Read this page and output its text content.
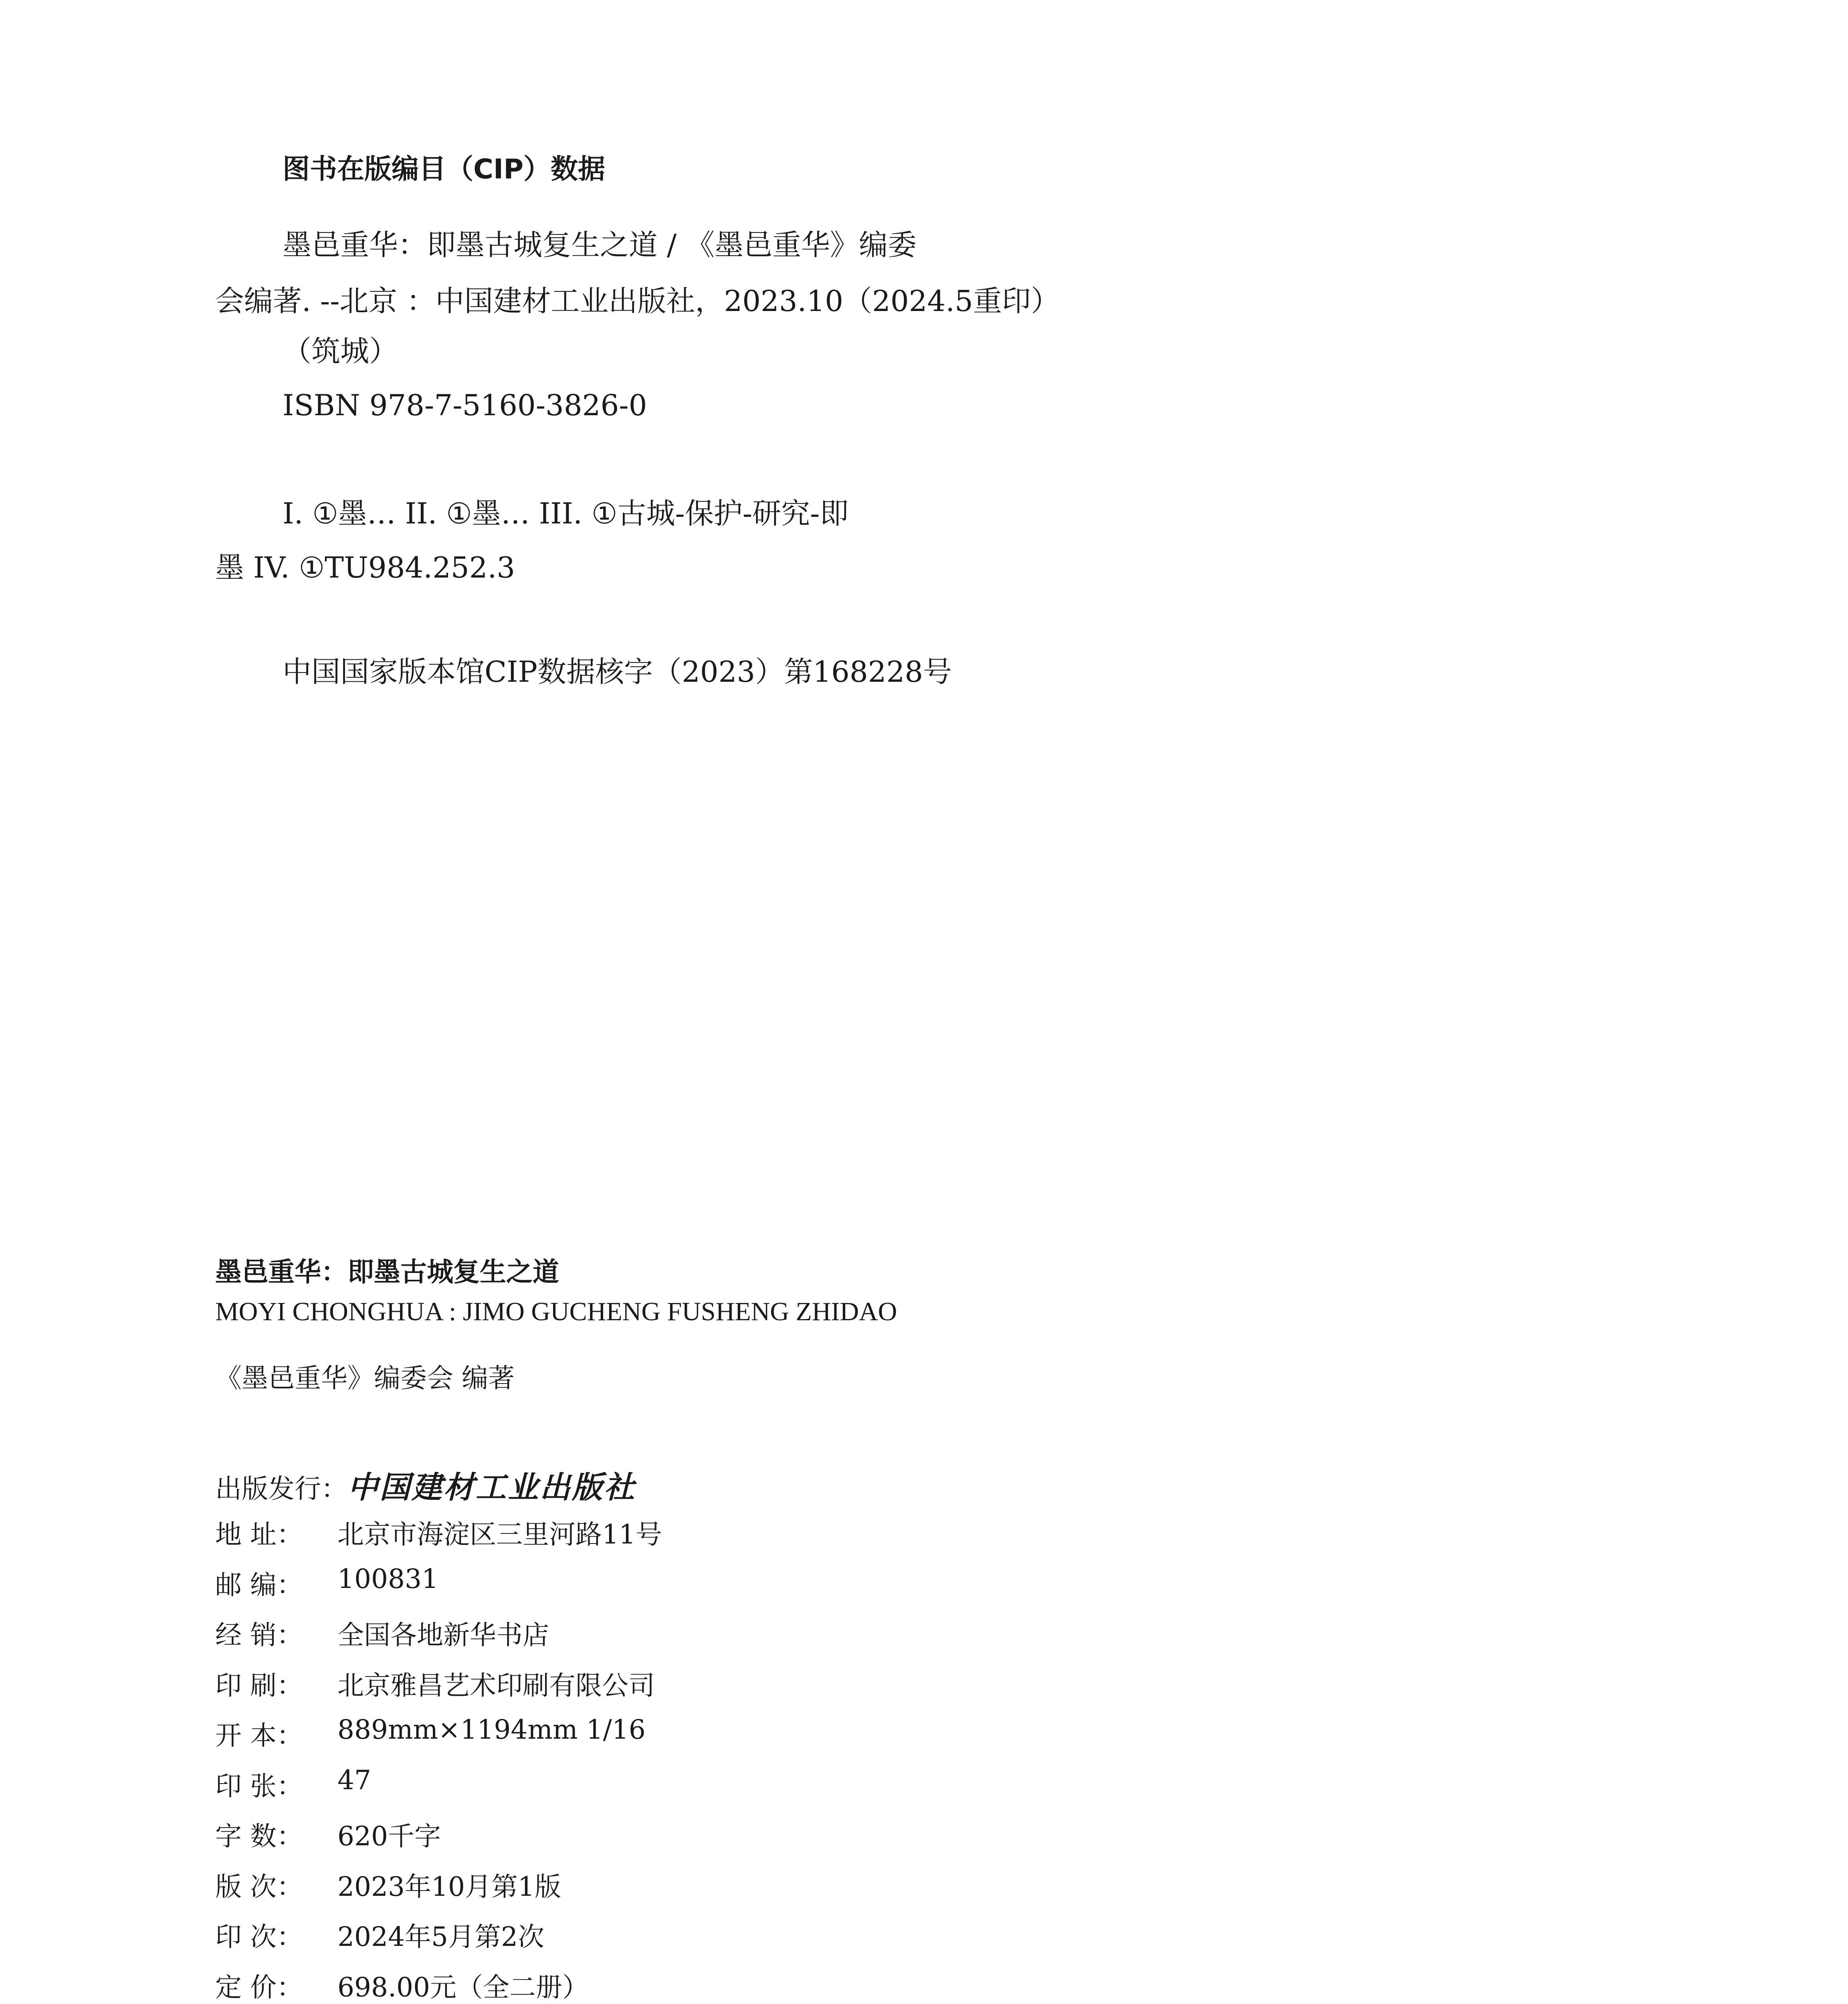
图书在版编目（CIP）数据
墨邑重华：即墨古城复生之道 / 《墨邑重华》编委
会编著. --北京 ：中国建材工业出版社，2023.10（2024.5重印）
（筑城）
ISBN 978-7-5160-3826-0
I. ①墨… II. ①墨… III. ①古城-保护-研究-即
墨 IV. ①TU984.252.3
中国国家版本馆CIP数据核字（2023）第168228号
墨邑重华：即墨古城复生之道
MOYI CHONGHUA : JIMO GUCHENG FUSHENG ZHIDAO
《墨邑重华》编委会 编著
出版发行：中国建材工业出版社
地 址：	北京市海淀区三里河路11号
邮 编：	100831
经 销：	全国各地新华书店
印 刷：	北京雅昌艺术印刷有限公司
开 本：	889mm×1194mm 1/16
印 张：	47
字 数：	620千字
版 次：	2023年10月第1版
印 次：	2024年5月第2次
定 价：	698.00元（全二册）
